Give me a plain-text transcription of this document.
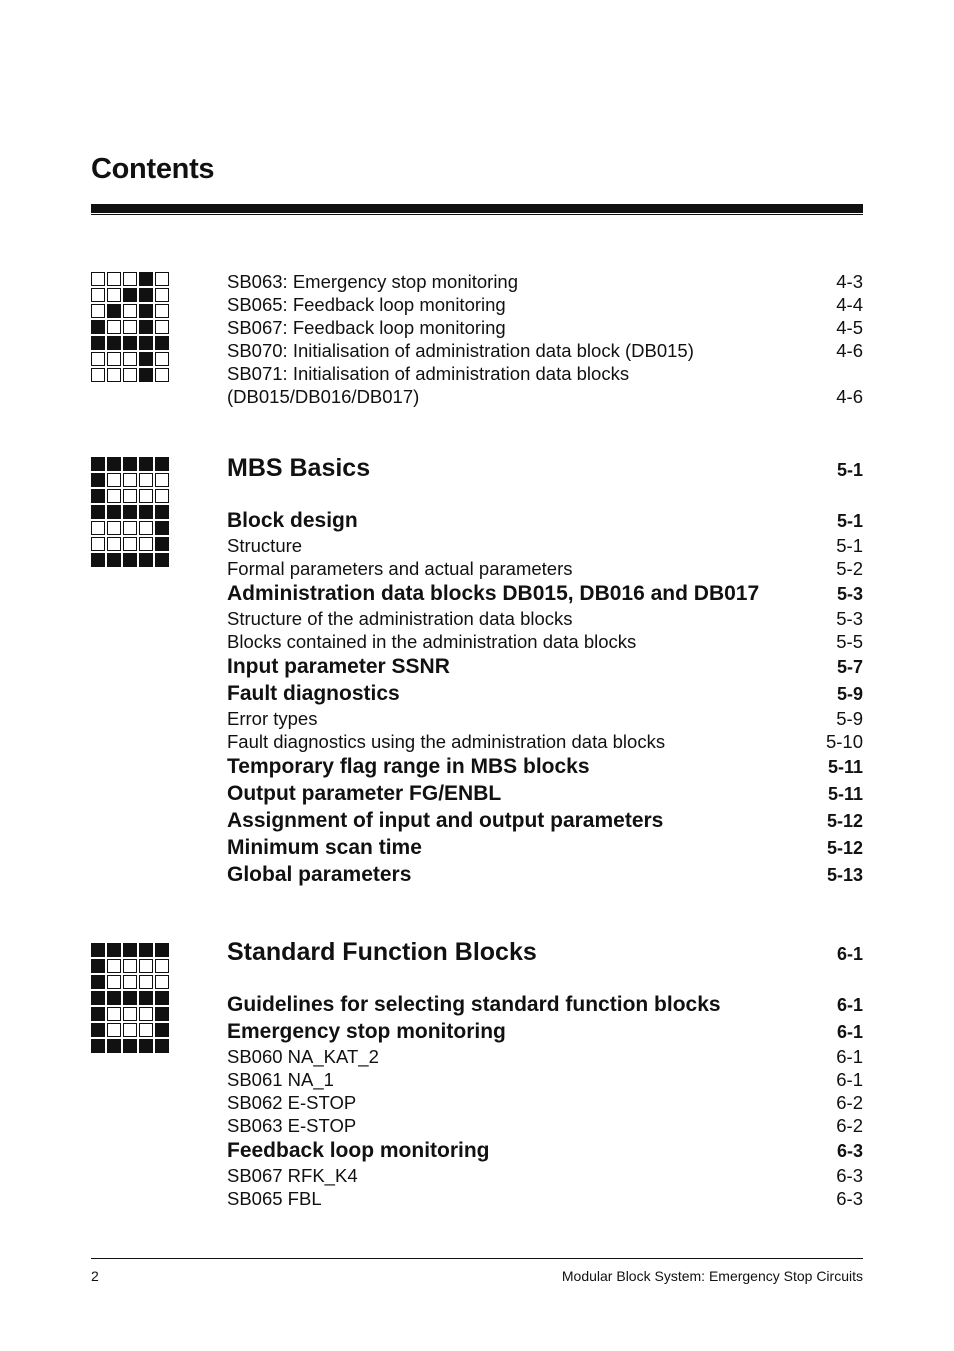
Contents
SB063: Emergency stop monitoring	4-3
SB065: Feedback loop monitoring	4-4
SB067: Feedback loop monitoring	4-5
SB070: Initialisation of administration data block (DB015)	4-6
SB071: Initialisation of administration data blocks
(DB015/DB016/DB017)	4-6
MBS Basics	5-1
Block design	5-1
Structure	5-1
Formal parameters and actual parameters	5-2
Administration data blocks DB015, DB016 and DB017	5-3
Structure of the administration data blocks	5-3
Blocks contained in the administration data blocks	5-5
Input parameter SSNR	5-7
Fault diagnostics	5-9
Error types	5-9
Fault diagnostics using the administration data blocks	5-10
Temporary flag range in MBS blocks	5-11
Output parameter FG/ENBL	5-11
Assignment of input and output parameters	5-12
Minimum scan time	5-12
Global parameters	5-13
Standard Function Blocks	6-1
Guidelines for selecting standard function blocks	6-1
Emergency stop monitoring	6-1
SB060 NA_KAT_2	6-1
SB061 NA_1	6-1
SB062 E-STOP	6-2
SB063 E-STOP	6-2
Feedback loop monitoring	6-3
SB067 RFK_K4	6-3
SB065 FBL	6-3
2	Modular Block System: Emergency Stop Circuits
